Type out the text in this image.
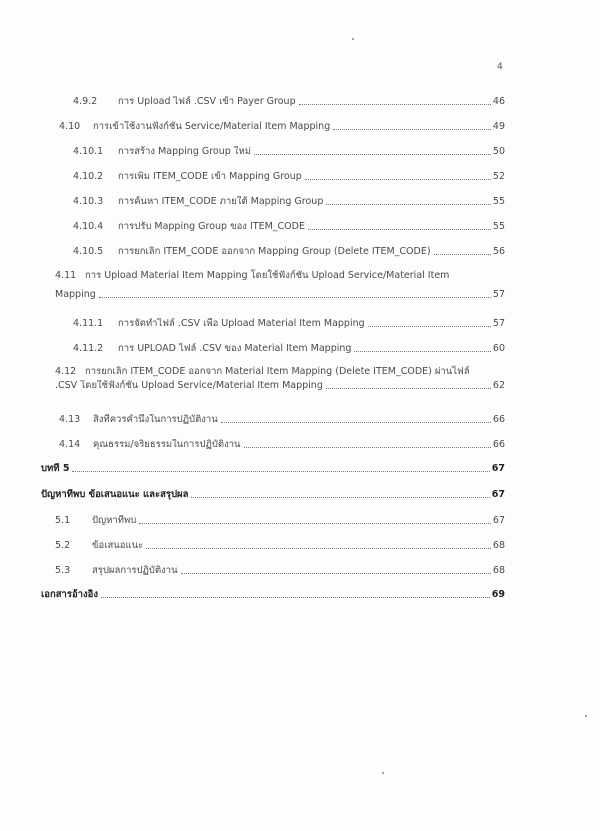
4
4.9.2	การ Upload ไฟล์ .CSV เข้า Payer Group	46
4.10	การเข้าใช้งานฟังก์ชัน Service/Material Item Mapping	49
4.10.1	การสร้าง Mapping Group ใหม่	50
4.10.2	การเพิ่ม ITEM_CODE เข้า Mapping Group	52
4.10.3	การค้นหา ITEM_CODE ภายใต้ Mapping Group	55
4.10.4	การปรับ Mapping Group ของ ITEM_CODE	55
4.10.5	การยกเลิก ITEM_CODE ออกจาก Mapping Group (Delete ITEM_CODE)	56
4.11 การ Upload Material Item Mapping โดยใช้ฟังก์ชัน Upload Service/Material Item
Mapping	57
4.11.1	การจัดทำไฟล์ .CSV เพื่อ Upload Material Item Mapping	57
4.11.2	การ UPLOAD ไฟล์ .CSV ของ Material Item Mapping	60
4.12 การยกเลิก ITEM_CODE ออกจาก Material Item Mapping (Delete ITEM_CODE) ผ่านไฟล์
.CSV โดยใช้ฟังก์ชัน Upload Service/Material Item Mapping	62
4.13	สิ่งที่ควรคำนึงในการปฏิบัติงาน	66
4.14	คุณธรรม/จริยธรรมในการปฏิบัติงาน	66
บทที่ 5	67
ปัญหาที่พบ ข้อเสนอแนะ และสรุปผล	67
5.1	ปัญหาที่พบ	67
5.2	ข้อเสนอแนะ	68
5.3	สรุปผลการปฏิบัติงาน	68
เอกสารอ้างอิง	69
